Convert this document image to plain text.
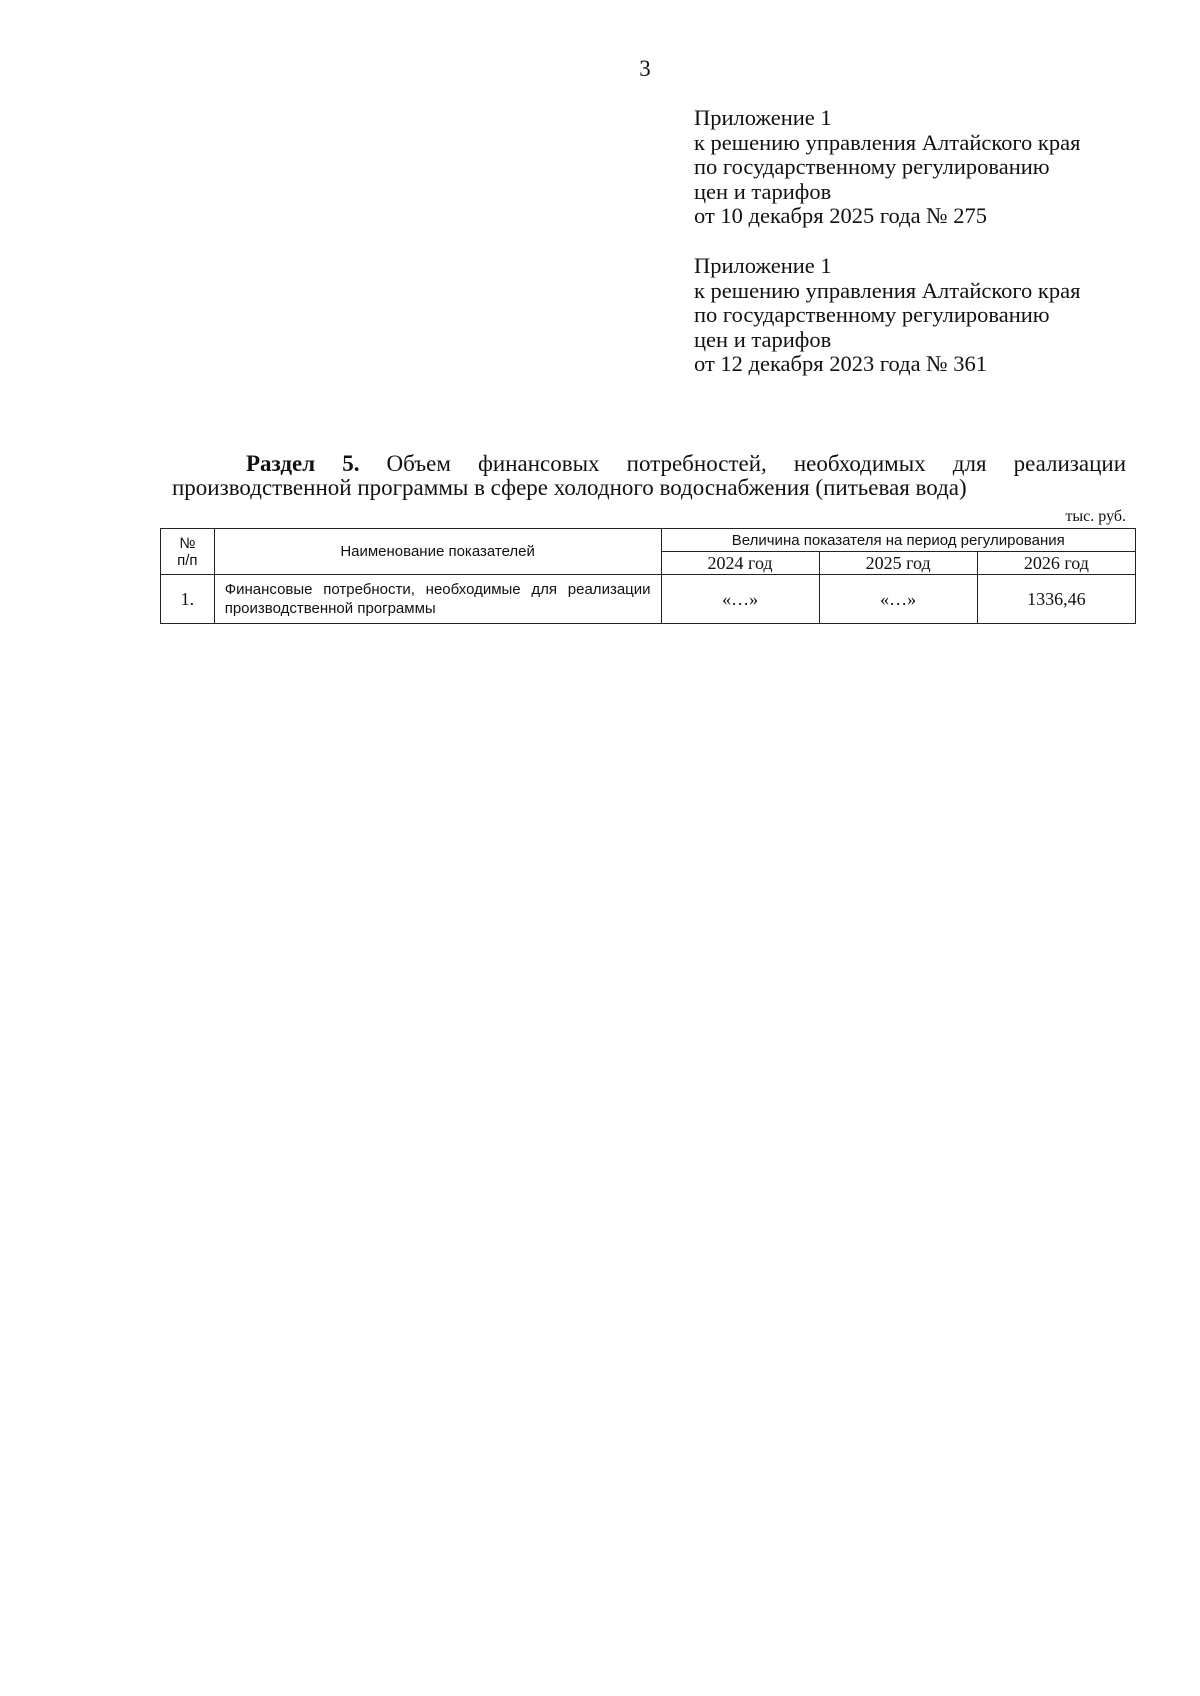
3
Приложение 1
к решению управления Алтайского края
по государственному регулированию
цен и тарифов
от 10 декабря 2025 года № 275
Приложение 1
к решению управления Алтайского края
по государственному регулированию
цен и тарифов
от 12 декабря 2023 года № 361
Раздел 5. Объем финансовых потребностей, необходимых для реализации
производственной программы в сфере холодного водоснабжения (питьевая вода)
тыс. руб.
№
п/п	Наименование показателей	Величина показателя на период регулирования		
		2024 год	2025 год	2026 год
1.	Финансовые потребности, необходимые для реализации производственной программы	«…»	«…»	1336,46
